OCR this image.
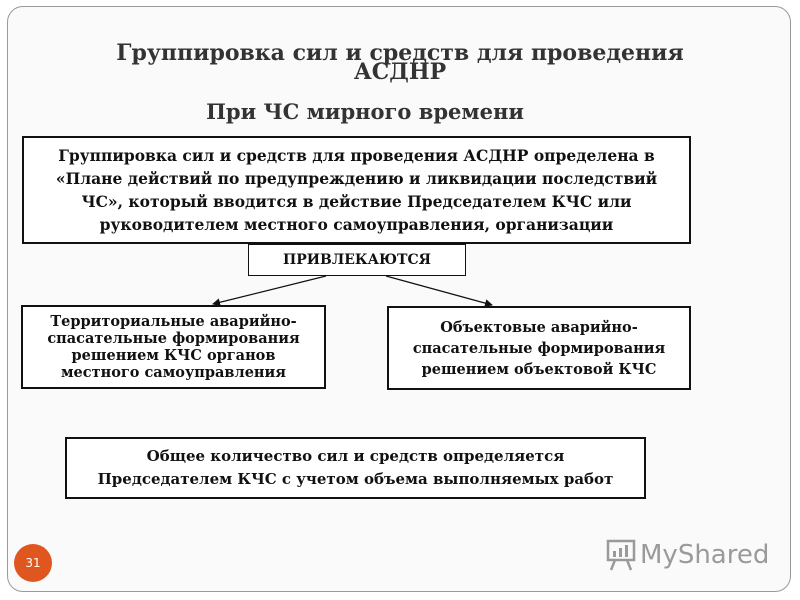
Группировка сил и средств для проведения
АСДНР
При ЧС мирного времени
Группировка сил и средств для проведения АСДНР определена в
«Плане действий по предупреждению и ликвидации последствий
ЧС», который вводится в действие Председателем КЧС или
руководителем местного самоуправления, организации
ПРИВЛЕКАЮТСЯ
Территориальные аварийно-
спасательные формирования
решением КЧС органов
местного самоуправления
Объектовые аварийно-
спасательные формирования
решением объектовой КЧС
Общее количество сил и средств определяется
Председателем КЧС с учетом объема выполняемых работ
31	MyShared
